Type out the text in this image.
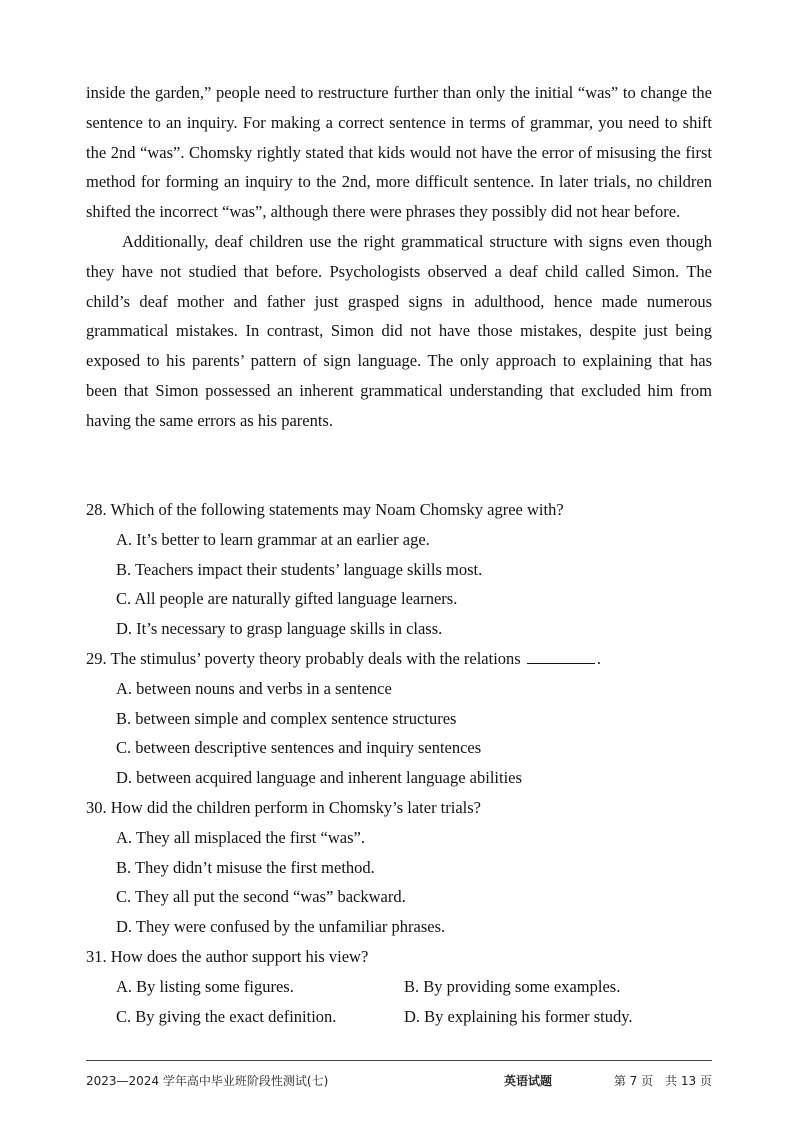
inside the garden,” people need to restructure further than only the initial “was” to change the sentence to an inquiry. For making a correct sentence in terms of grammar, you need to shift the 2nd “was”. Chomsky rightly stated that kids would not have the error of misusing the first method for forming an inquiry to the 2nd, more difficult sentence. In later trials, no children shifted the incorrect “was”, although there were phrases they possibly did not hear before.

Additionally, deaf children use the right grammatical structure with signs even though they have not studied that before. Psychologists observed a deaf child called Simon. The child’s deaf mother and father just grasped signs in adulthood, hence made numerous grammatical mistakes. In contrast, Simon did not have those mistakes, despite just being exposed to his parents’ pattern of sign language. The only approach to explaining that has been that Simon possessed an inherent grammatical understanding that excluded him from having the same errors as his parents.

28. Which of the following statements may Noam Chomsky agree with?

A. It’s better to learn grammar at an earlier age.

B. Teachers impact their students’ language skills most.

C. All people are naturally gifted language learners.

D. It’s necessary to grasp language skills in class.

29. The stimulus’ poverty theory probably deals with the relations	.

A. between nouns and verbs in a sentence

B. between simple and complex sentence structures

C. between descriptive sentences and inquiry sentences

D. between acquired language and inherent language abilities

30. How did the children perform in Chomsky’s later trials?

A. They all misplaced the first “was”.

B. They didn’t misuse the first method.

C. They all put the second “was” backward.

D. They were confused by the unfamiliar phrases.

31. How does the author support his view?

A. By listing some figures.	B. By providing some examples.
C. By giving the exact definition.	D. By explaining his former study.
2023—2024 学年高中毕业班阶段性测试(七)	英语试题	第 7 页　共 13 页
